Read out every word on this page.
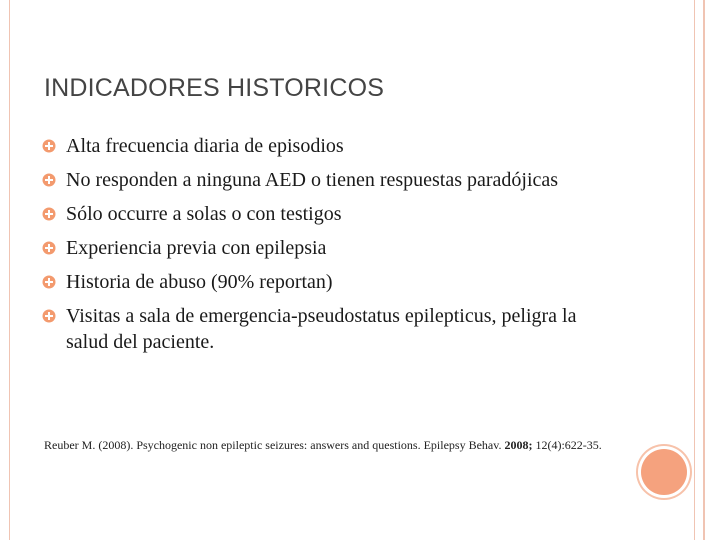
INDICADORES HISTORICOS
Alta frecuencia diaria de episodios
No responden a ninguna AED o tienen respuestas paradójicas
Sólo occurre a solas o con testigos
Experiencia previa con epilepsia
Historia de abuso (90% reportan)
Visitas a sala de emergencia-pseudostatus epilepticus, peligra la salud del paciente.
Reuber M. (2008). Psychogenic non epileptic seizures: answers and questions. Epilepsy Behav. 2008; 12(4):622-35.
